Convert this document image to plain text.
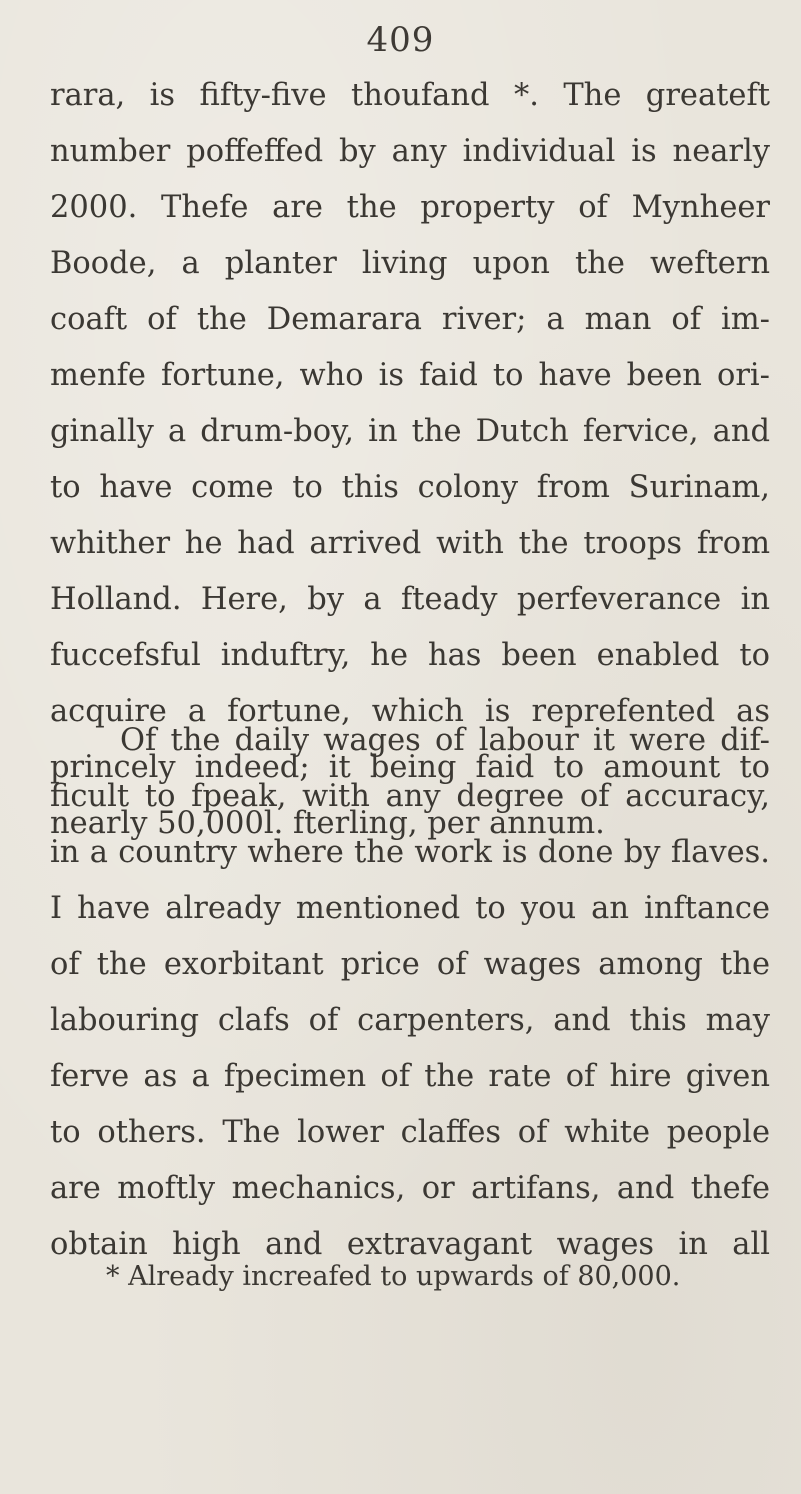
409
rara, is fifty-five thoufand *. The greateft
number poffeffed by any individual is nearly
2000. Thefe are the property of Mynheer
Boode, a planter living upon the weftern
coaft of the Demarara river; a man of im-
menfe fortune, who is faid to have been ori-
ginally a drum-boy, in the Dutch fervice, and
to have come to this colony from Surinam,
whither he had arrived with the troops from
Holland. Here, by a fteady perfeverance in
fuccefsful induftry, he has been enabled to
acquire a fortune, which is reprefented as
princely indeed; it being faid to amount to
nearly 50,000l. fterling, per annum.
Of the daily wages of labour it were dif-
ficult to fpeak, with any degree of accuracy,
in a country where the work is done by flaves.
I have already mentioned to you an inftance
of the exorbitant price of wages among the
labouring clafs of carpenters, and this may
ferve as a fpecimen of the rate of hire given
to others. The lower claffes of white people
are moftly mechanics, or artifans, and thefe
obtain high and extravagant wages in all
* Already increafed to upwards of 80,000.
